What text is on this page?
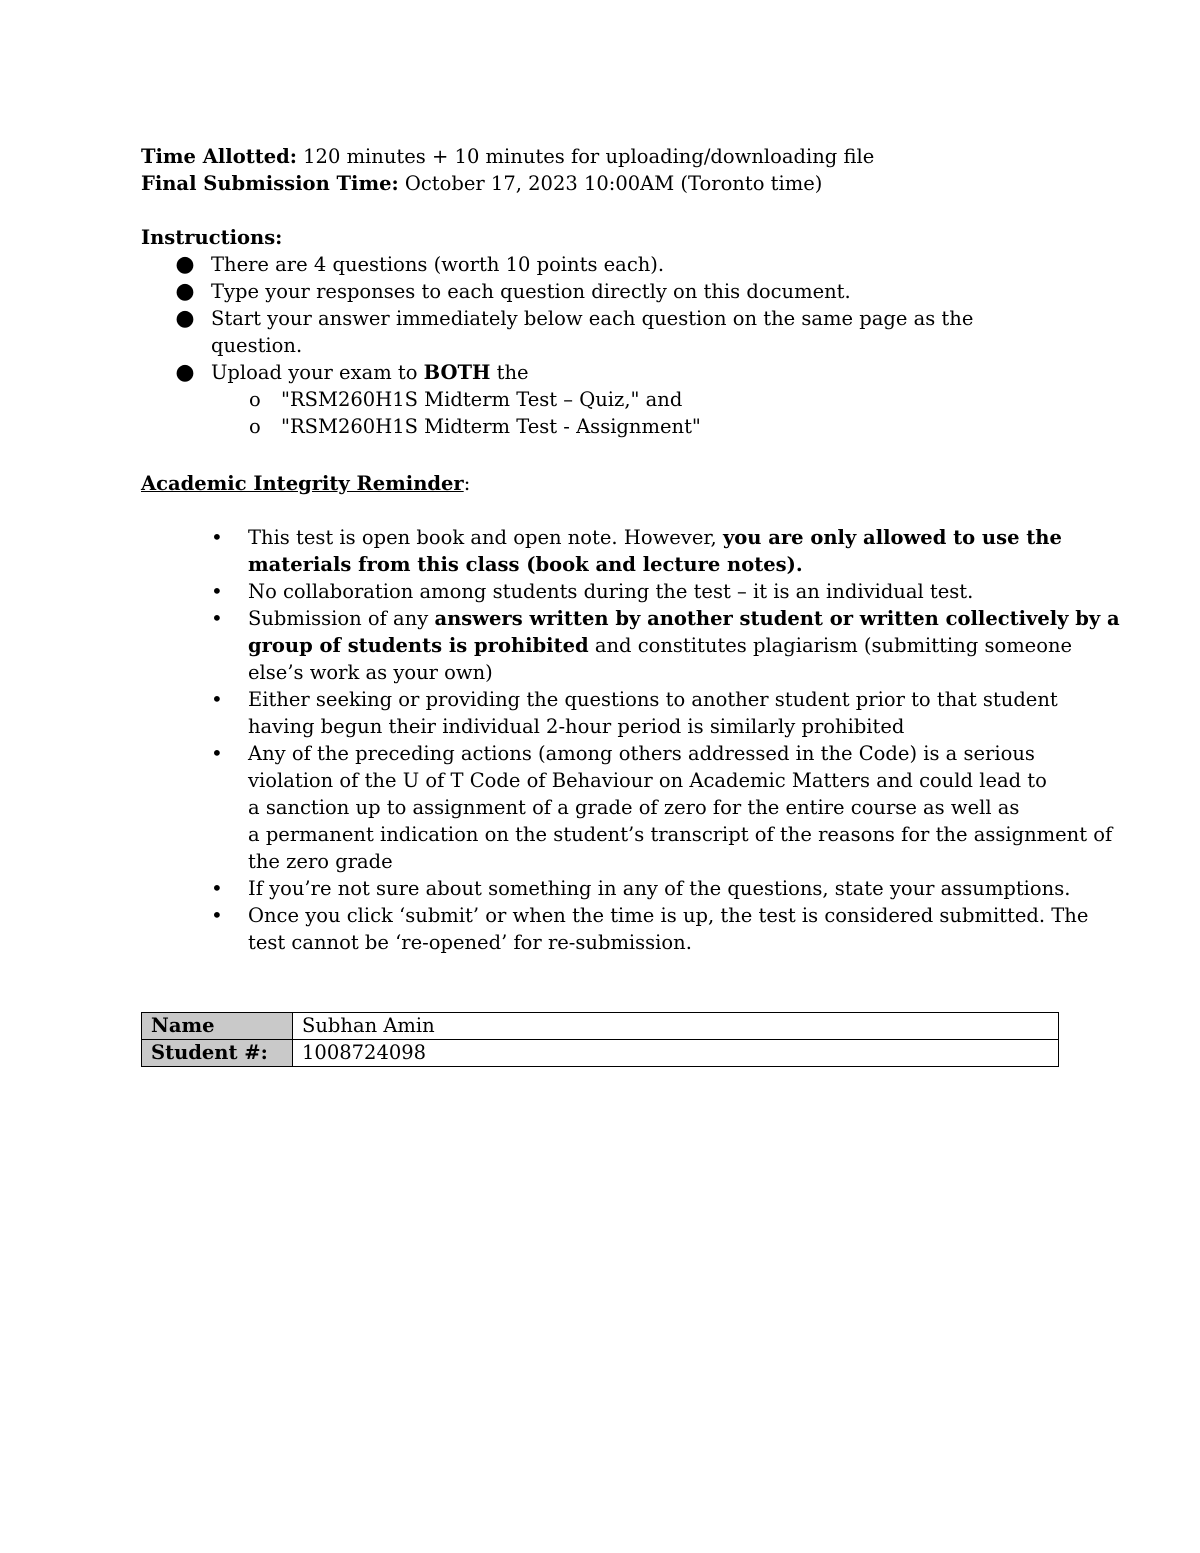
Time Allotted: 120 minutes + 10 minutes for uploading/downloading file

Final Submission Time: October 17, 2023 10:00AM (Toronto time)

Instructions:

● There are 4 questions (worth 10 points each).
● Type your responses to each question directly on this document.
● Start your answer immediately below each question on the same page as the question.
● Upload your exam to BOTH the
o "RSM260H1S Midterm Test – Quiz," and
o "RSM260H1S Midterm Test - Assignment"

Academic Integrity Reminder:

• This test is open book and open note. However, you are only allowed to use the
materials from this class (book and lecture notes).
• No collaboration among students during the test – it is an individual test.
• Submission of any answers written by another student or written collectively by a
group of students is prohibited and constitutes plagiarism (submitting someone
else’s work as your own)
• Either seeking or providing the questions to another student prior to that student
having begun their individual 2-hour period is similarly prohibited
• Any of the preceding actions (among others addressed in the Code) is a serious
violation of the U of T Code of Behaviour on Academic Matters and could lead to
a sanction up to assignment of a grade of zero for the entire course as well as
a permanent indication on the student’s transcript of the reasons for the assignment of
the zero grade
• If you’re not sure about something in any of the questions, state your assumptions.
• Once you click ‘submit’ or when the time is up, the test is considered submitted. The
test cannot be ‘re-opened’ for re-submission.
Name	Subhan Amin
Student #:	1008724098
